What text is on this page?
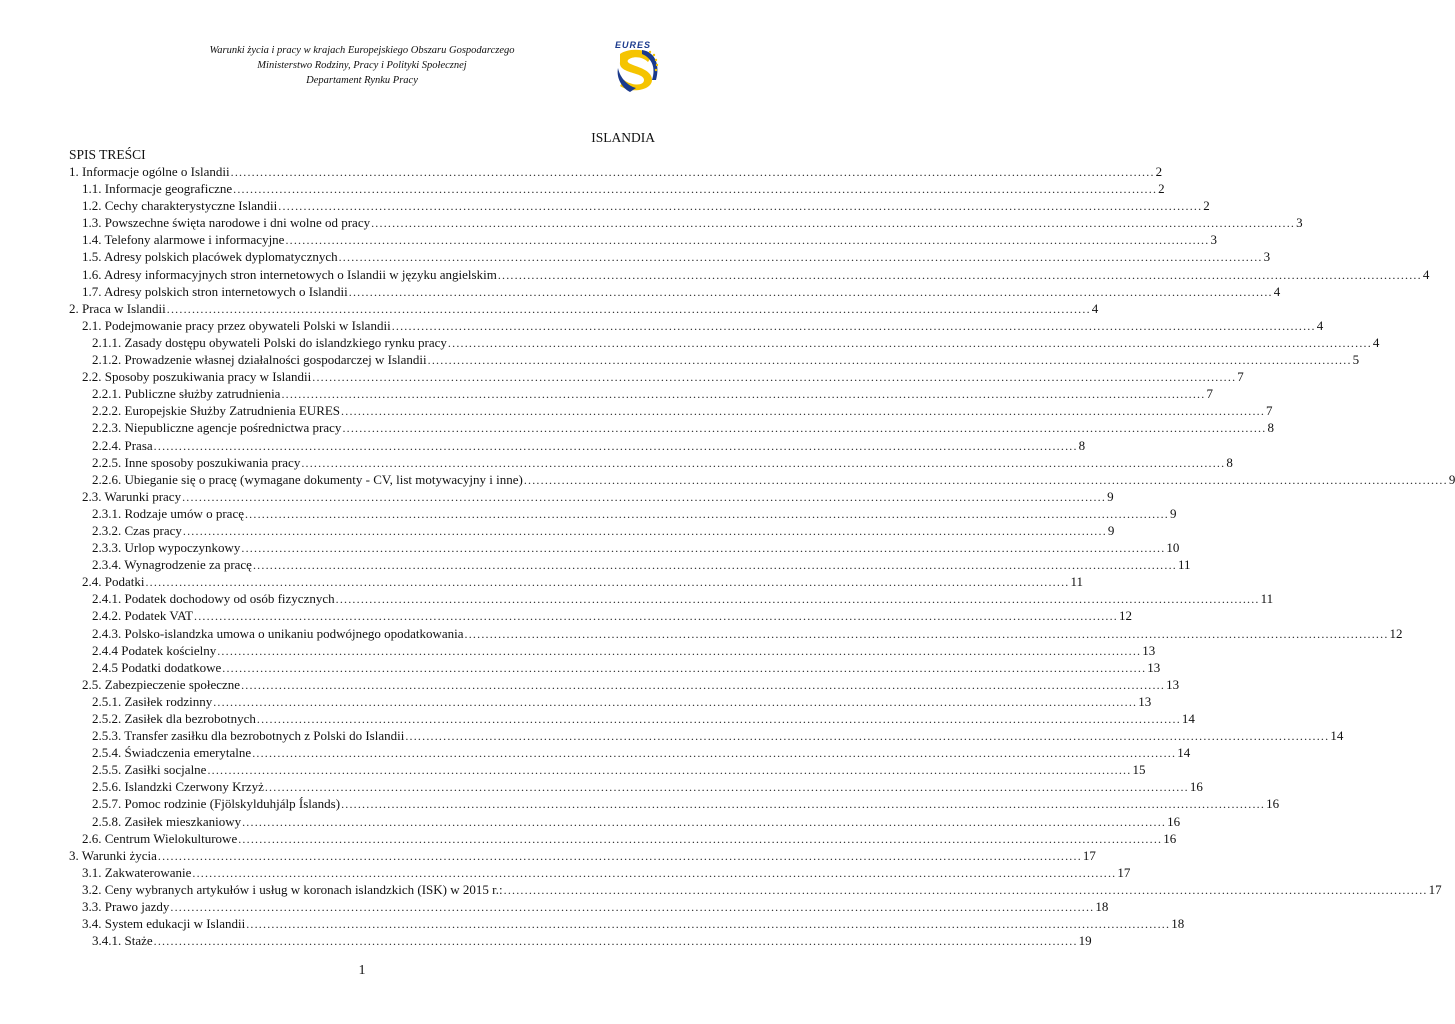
Warunki życia i pracy w krajach Europejskiego Obszaru Gospodarczego
Ministerstwo Rodziny, Pracy i Polityki Społecznej
Departament Rynku Pracy
EURES
ISLANDIA
SPIS TREŚCI
1. Informacje ogólne o Islandii ............................................................................................................................................................................................................................ 2
1.1. Informacje geograficzne ............................................................................................................................................................................................................................ 2
1.2. Cechy charakterystyczne Islandii ............................................................................................................................................................................................................................ 2
1.3. Powszechne święta narodowe i dni wolne od pracy ............................................................................................................................................................................................................................ 3
1.4. Telefony alarmowe i informacyjne ............................................................................................................................................................................................................................ 3
1.5. Adresy polskich placówek dyplomatycznych ............................................................................................................................................................................................................................ 3
1.6. Adresy informacyjnych stron internetowych o Islandii w języku angielskim ............................................................................................................................................................................................................................ 4
1.7. Adresy polskich stron internetowych o Islandii ............................................................................................................................................................................................................................ 4
2. Praca w Islandii ............................................................................................................................................................................................................................ 4
2.1. Podejmowanie pracy przez obywateli Polski w Islandii ............................................................................................................................................................................................................................ 4
2.1.1. Zasady dostępu obywateli Polski do islandzkiego rynku pracy ............................................................................................................................................................................................................................ 4
2.1.2. Prowadzenie własnej działalności gospodarczej w Islandii ............................................................................................................................................................................................................................ 5
2.2. Sposoby poszukiwania pracy w Islandii ............................................................................................................................................................................................................................ 7
2.2.1. Publiczne służby zatrudnienia ............................................................................................................................................................................................................................ 7
2.2.2. Europejskie Służby Zatrudnienia EURES ............................................................................................................................................................................................................................ 7
2.2.3. Niepubliczne agencje pośrednictwa pracy ............................................................................................................................................................................................................................ 8
2.2.4. Prasa ............................................................................................................................................................................................................................ 8
2.2.5. Inne sposoby poszukiwania pracy ............................................................................................................................................................................................................................ 8
2.2.6. Ubieganie się o pracę (wymagane dokumenty - CV, list motywacyjny i inne) ............................................................................................................................................................................................................................ 9
2.3. Warunki pracy ............................................................................................................................................................................................................................ 9
2.3.1. Rodzaje umów o pracę ............................................................................................................................................................................................................................ 9
2.3.2. Czas pracy ............................................................................................................................................................................................................................ 9
2.3.3. Urlop wypoczynkowy ............................................................................................................................................................................................................................ 10
2.3.4. Wynagrodzenie za pracę ............................................................................................................................................................................................................................ 11
2.4. Podatki ............................................................................................................................................................................................................................ 11
2.4.1. Podatek dochodowy od osób fizycznych ............................................................................................................................................................................................................................ 11
2.4.2. Podatek VAT ............................................................................................................................................................................................................................ 12
2.4.3. Polsko-islandzka umowa o unikaniu podwójnego opodatkowania ............................................................................................................................................................................................................................ 12
2.4.4 Podatek kościelny ............................................................................................................................................................................................................................ 13
2.4.5 Podatki dodatkowe ............................................................................................................................................................................................................................ 13
2.5. Zabezpieczenie społeczne ............................................................................................................................................................................................................................ 13
2.5.1. Zasiłek rodzinny ............................................................................................................................................................................................................................ 13
2.5.2. Zasiłek dla bezrobotnych ............................................................................................................................................................................................................................ 14
2.5.3. Transfer zasiłku dla bezrobotnych z Polski do Islandii ............................................................................................................................................................................................................................ 14
2.5.4. Świadczenia emerytalne ............................................................................................................................................................................................................................ 14
2.5.5. Zasiłki socjalne ............................................................................................................................................................................................................................ 15
2.5.6. Islandzki Czerwony Krzyż ............................................................................................................................................................................................................................ 16
2.5.7. Pomoc rodzinie (Fjölskylduhjálp Íslands) ............................................................................................................................................................................................................................ 16
2.5.8. Zasiłek mieszkaniowy ............................................................................................................................................................................................................................ 16
2.6. Centrum Wielokulturowe ............................................................................................................................................................................................................................ 16
3. Warunki życia ............................................................................................................................................................................................................................ 17
3.1. Zakwaterowanie ............................................................................................................................................................................................................................ 17
3.2. Ceny wybranych artykułów i usług w koronach islandzkich (ISK) w 2015 r.: ............................................................................................................................................................................................................................ 17
3.3. Prawo jazdy ............................................................................................................................................................................................................................ 18
3.4. System edukacji w Islandii ............................................................................................................................................................................................................................ 18
3.4.1. Staże ............................................................................................................................................................................................................................ 19
1
